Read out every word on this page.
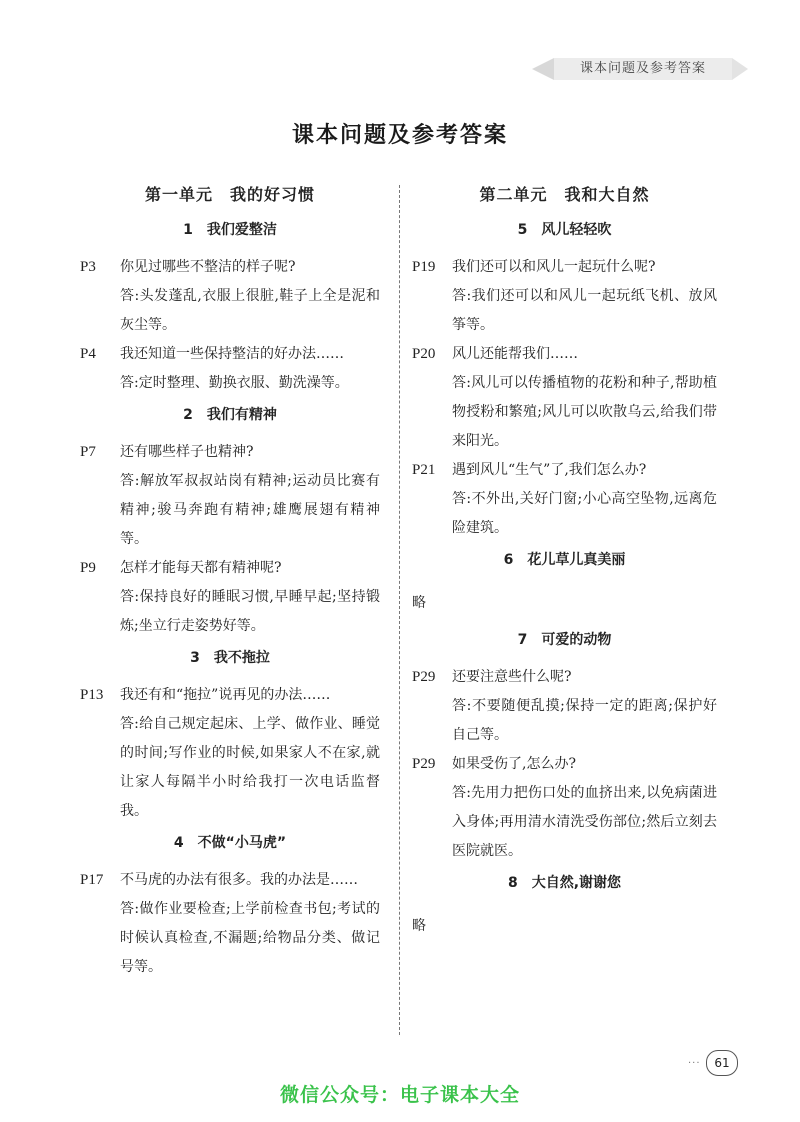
课本问题及参考答案
课本问题及参考答案
第一单元　我的好习惯
1　我们爱整洁
P3	你见过哪些不整洁的样子呢?

答:头发蓬乱,衣服上很脏,鞋子上全是泥和灰尘等。

P4	我还知道一些保持整洁的好办法……

答:定时整理、勤换衣服、勤洗澡等。

2　我们有精神
P7	还有哪些样子也精神?

答:解放军叔叔站岗有精神;运动员比赛有精神;骏马奔跑有精神;雄鹰展翅有精神等。

P9	怎样才能每天都有精神呢?

答:保持良好的睡眠习惯,早睡早起;坚持锻炼;坐立行走姿势好等。

3　我不拖拉
P13	我还有和“拖拉”说再见的办法……

答:给自己规定起床、上学、做作业、睡觉的时间;写作业的时候,如果家人不在家,就让家人每隔半小时给我打一次电话监督我。

4　不做“小马虎”
P17	不马虎的办法有很多。我的办法是……

答:做作业要检查;上学前检查书包;考试的时候认真检查,不漏题;给物品分类、做记号等。

第二单元　我和大自然
5　风儿轻轻吹
P19	我们还可以和风儿一起玩什么呢?

答:我们还可以和风儿一起玩纸飞机、放风筝等。

P20	风儿还能帮我们……

答:风儿可以传播植物的花粉和种子,帮助植物授粉和繁殖;风儿可以吹散乌云,给我们带来阳光。

P21	遇到风儿“生气”了,我们怎么办?

答:不外出,关好门窗;小心高空坠物,远离危险建筑。

6　花儿草儿真美丽
略
7　可爱的动物
P29	还要注意些什么呢?

答:不要随便乱摸;保持一定的距离;保护好自己等。

P29	如果受伤了,怎么办?

答:先用力把伤口处的血挤出来,以免病菌进入身体;再用清水清洗受伤部位;然后立刻去医院就医。

8　大自然,谢谢您
略
···	61
微信公众号：电子课本大全
